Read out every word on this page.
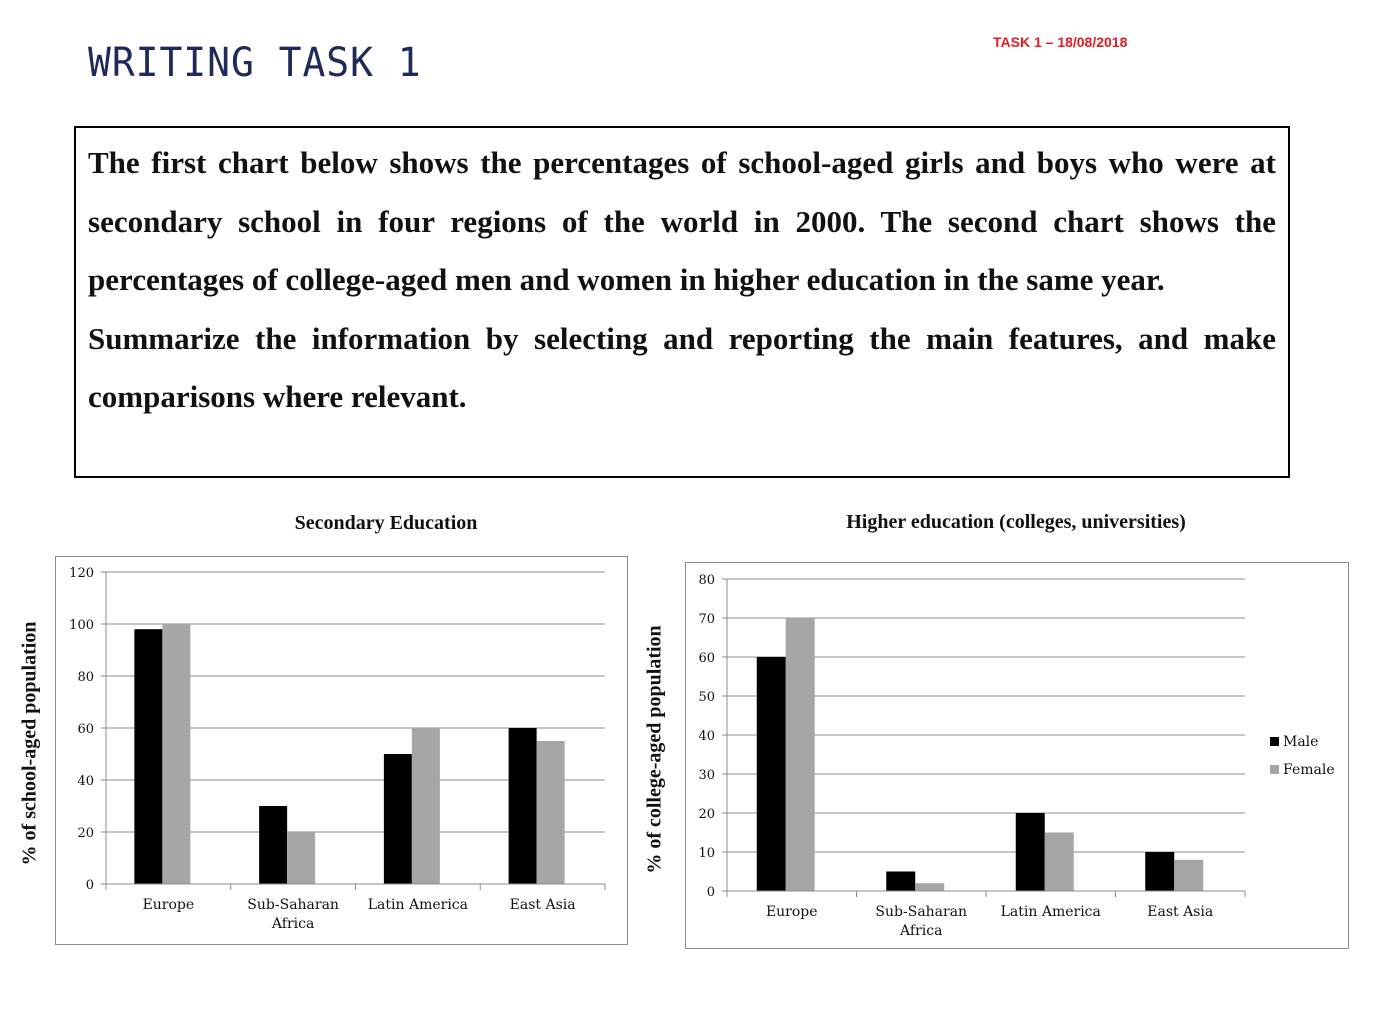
WRITING TASK 1	TASK 1 – 18/08/2018

The first chart below shows the percentages of school-aged girls and boys who were at secondary school in four regions of the world in 2000. The second chart shows the percentages of college-aged men and women in higher education in the same year.

Summarize the information by selecting and reporting the main features, and make comparisons where relevant.

Secondary Education
% of school-aged population
0
20
40
60
80
100
120
Europe	Sub-Saharan Africa
Latin America	East Asia
Higher education (colleges, universities)
% of college-aged population
0
10
20
30
40
50
60
70
80
Europe	Sub-Saharan Africa
Latin America	East Asia
Male
Female
